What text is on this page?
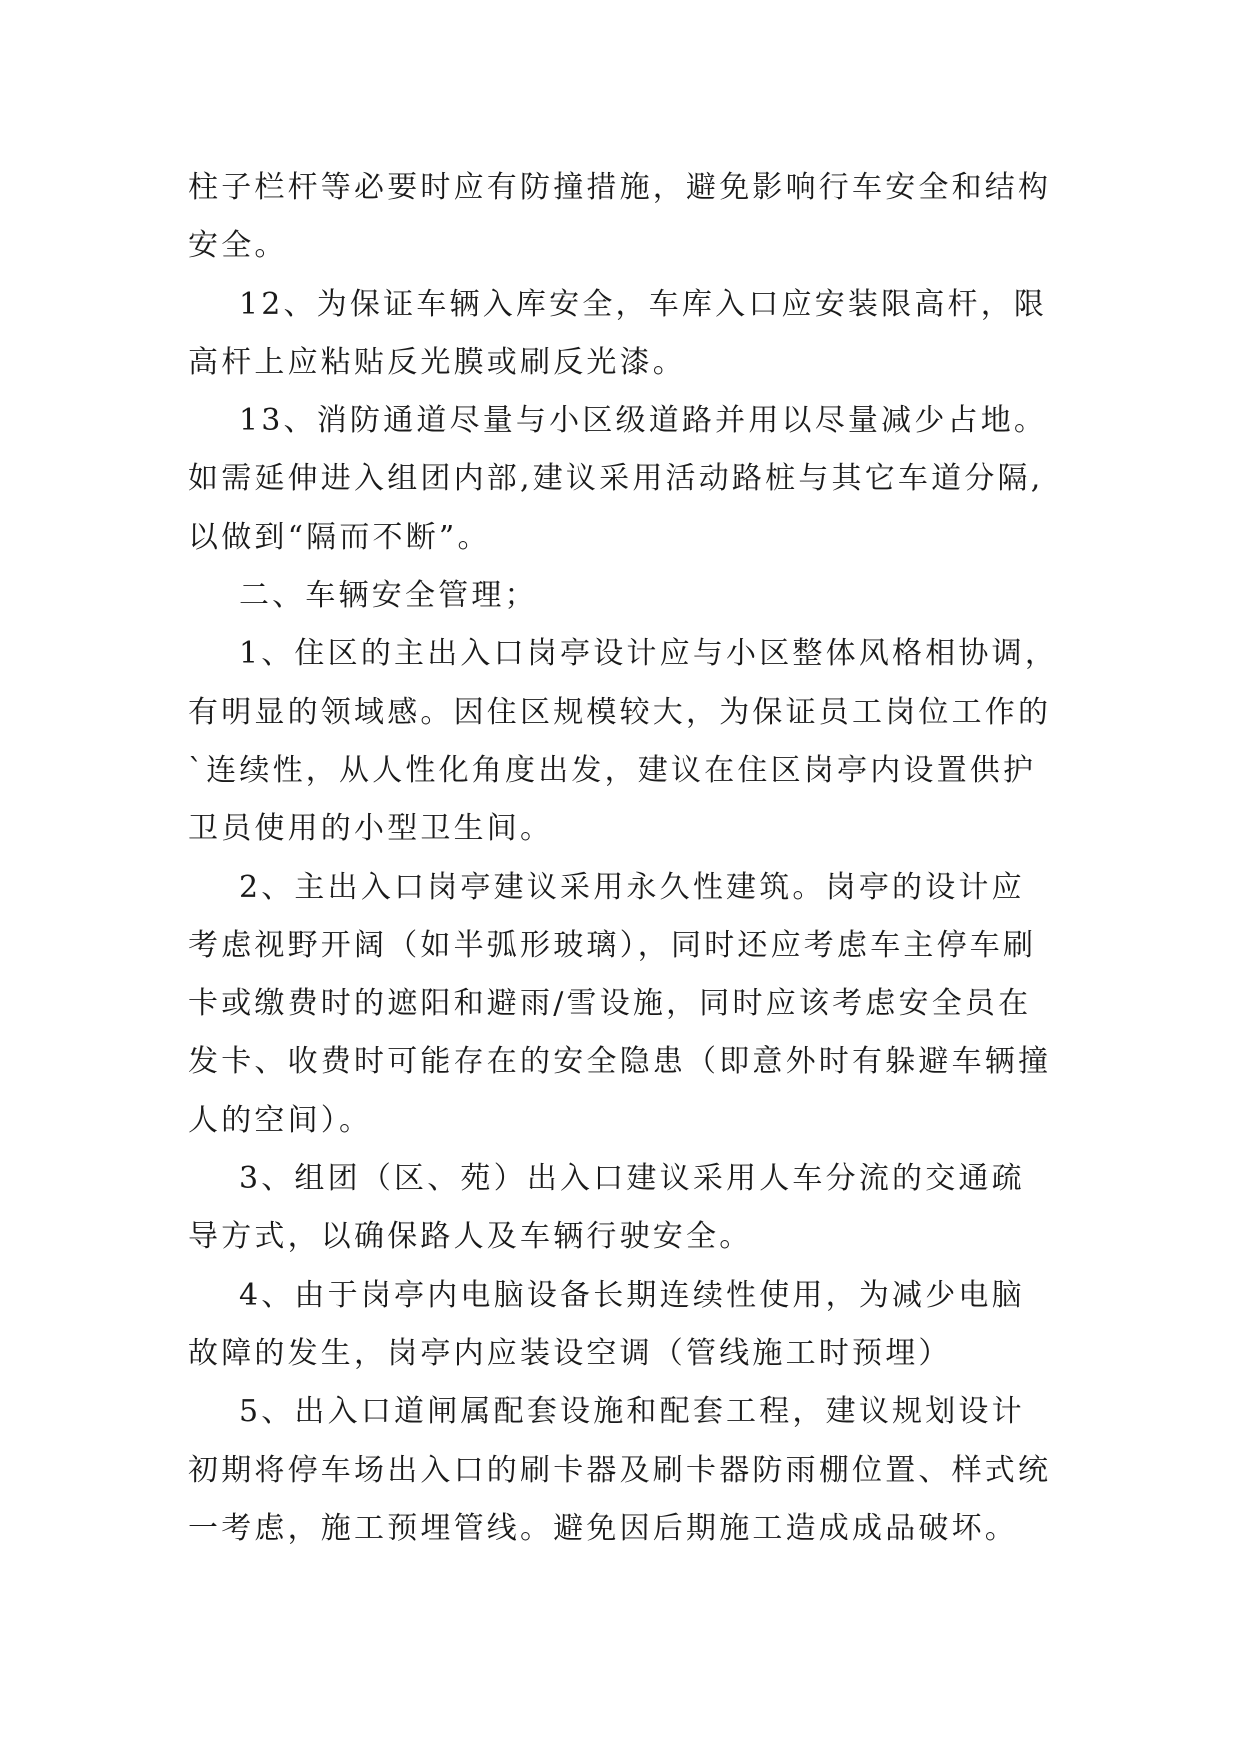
柱子栏杆等必要时应有防撞措施，避免影响行车安全和结构
安全。
12、为保证车辆入库安全，车库入口应安装限高杆，限
高杆上应粘贴反光膜或刷反光漆。
13、消防通道尽量与小区级道路并用以尽量减少占地。
如需延伸进入组团内部,建议采用活动路桩与其它车道分隔,
以做到“隔而不断”。
二、车辆安全管理；
1、住区的主出入口岗亭设计应与小区整体风格相协调，
有明显的领域感。因住区规模较大，为保证员工岗位工作的
`连续性，从人性化角度出发，建议在住区岗亭内设置供护
卫员使用的小型卫生间。
2、主出入口岗亭建议采用永久性建筑。岗亭的设计应
考虑视野开阔（如半弧形玻璃），同时还应考虑车主停车刷
卡或缴费时的遮阳和避雨/雪设施，同时应该考虑安全员在
发卡、收费时可能存在的安全隐患（即意外时有躲避车辆撞
人的空间）。
3、组团（区、苑）出入口建议采用人车分流的交通疏
导方式，以确保路人及车辆行驶安全。
4、由于岗亭内电脑设备长期连续性使用，为减少电脑
故障的发生，岗亭内应装设空调（管线施工时预埋）
5、出入口道闸属配套设施和配套工程，建议规划设计
初期将停车场出入口的刷卡器及刷卡器防雨棚位置、样式统
一考虑，施工预埋管线。避免因后期施工造成成品破坏。
